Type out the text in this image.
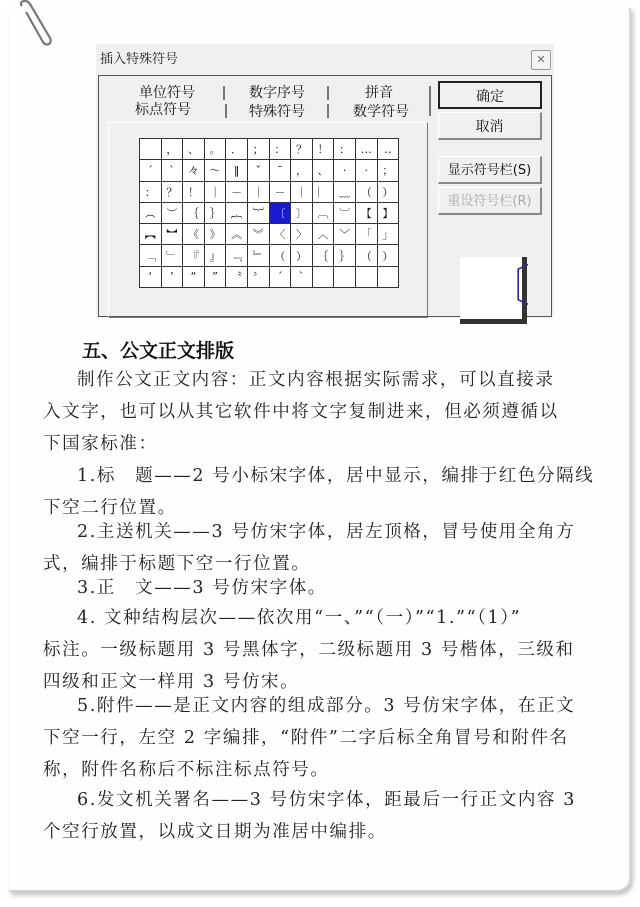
插入特殊符号	✕
单位符号	数字序号	拼音
标点符号	特殊符号	数学符号
， 、 。 ． ； ： ？ ！ ： …	‥
ˊ	ˋ	々 ～	‖	ˇ	¯	， 、	·	·	；
： ？ ！ ｜ － ｜ － ｜ ︴ ﹏ （ ）
︵ ︶ ｛ ｝ ︷ ︸ 〔 〕 ︹ ︺ 【 】
︻ ︼ 《 》 ︽ ︾ 〈 〉 ︿ ﹀ 「 」
﹁ ﹂ 『 』 ﹃ ﹄ （ ） ｛ ｝ （ ）
‘	’	“	”	〝 〞	ˊ	ˋ
确定
取消
显示符号栏(S)
重设符号栏(R)
〔
五、公文正文排版
制作公文正文内容：正文内容根据实际需求，可以直接录
入文字，也可以从其它软件中将文字复制进来，但必须遵循以
下国家标准：
1.标　题——2 号小标宋字体，居中显示，编排于红色分隔线
下空二行位置。
2.主送机关——3 号仿宋字体，居左顶格，冒号使用全角方
式，编排于标题下空一行位置。
3.正　文——3 号仿宋字体。
4. 文种结构层次——依次用“一、”“（一）”“1.”“（1）”
标注。一级标题用 3 号黑体字，二级标题用 3 号楷体，三级和
四级和正文一样用 3 号仿宋。
5.附件——是正文内容的组成部分。3 号仿宋字体，在正文
下空一行，左空 2 字编排，“附件”二字后标全角冒号和附件名
称，附件名称后不标注标点符号。
6.发文机关署名——3 号仿宋字体，距最后一行正文内容 3
个空行放置，以成文日期为准居中编排。
